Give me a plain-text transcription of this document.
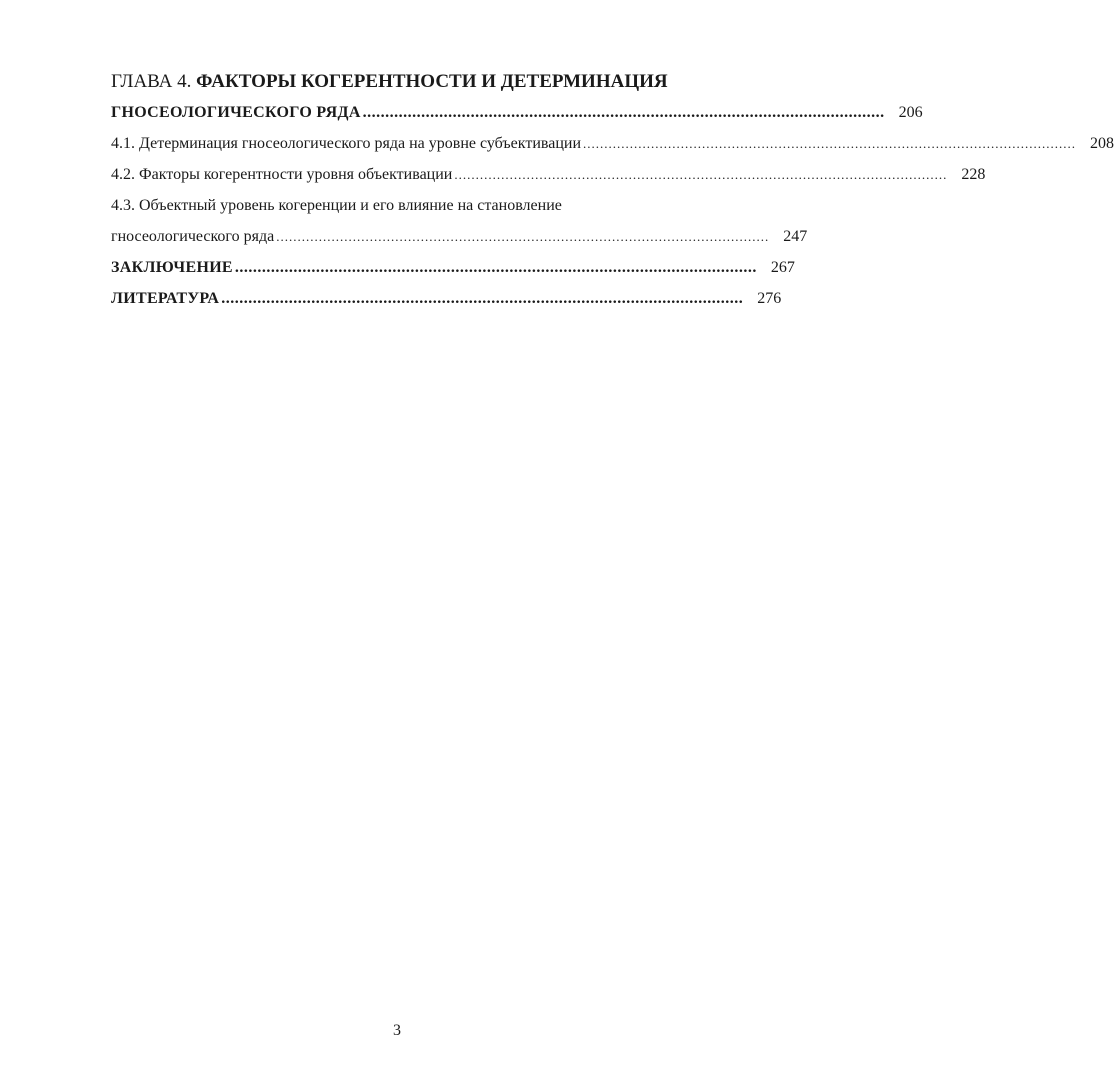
ГЛАВА 4. ФАКТОРЫ КОГЕРЕНТНОСТИ И ДЕТЕРМИНАЦИЯ
ГНОСЕОЛОГИЧЕСКОГО РЯДА .................................................................................................................... 206
4.1. Детерминация гносеологического ряда на уровне субъективации .................................................................................................................... 208
4.2. Факторы когерентности уровня объективации .................................................................................................................... 228
4.3. Объектный уровень когеренции и его влияние на становление
гносеологического ряда .................................................................................................................... 247
ЗАКЛЮЧЕНИЕ .................................................................................................................... 267
ЛИТЕРАТУРА .................................................................................................................... 276
3
